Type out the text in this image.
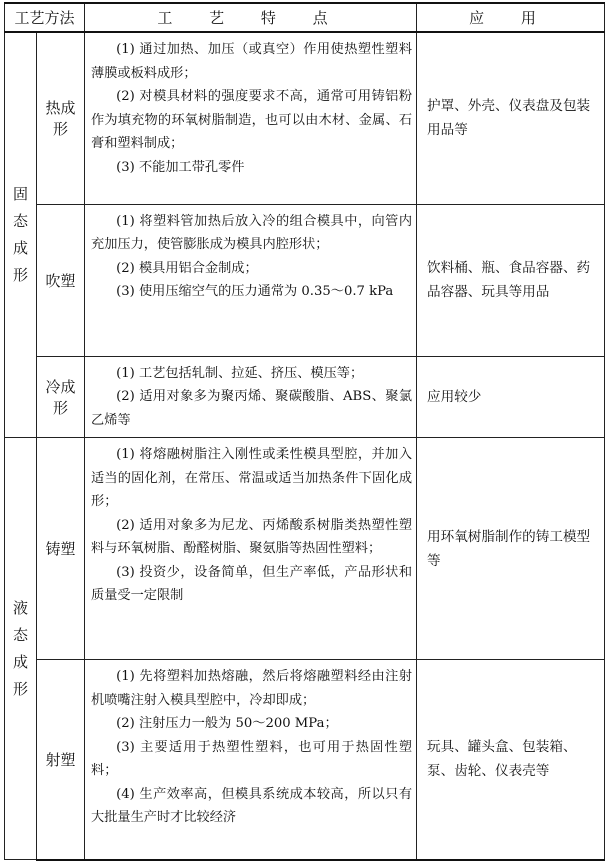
工艺方法		工 艺 特 点	应 用

固态成形	热成形	(1) 通过加热、加压（或真空）作用使热塑性塑料薄膜或板料成形；

(2) 对模具材料的强度要求不高，通常可用铸铝粉作为填充物的环氧树脂制造，也可以由木材、金属、石膏和塑料制成；

(3) 不能加工带孔零件	护罩、外壳、仪表盘及包装用品等
	吹塑	(1) 将塑料管加热后放入冷的组合模具中，向管内充加压力，使管膨胀成为模具内腔形状；

(2) 模具用铝合金制成；

(3) 使用压缩空气的压力通常为 0.35～0.7 kPa	饮料桶、瓶、食品容器、药品容器、玩具等用品
	冷成形	(1) 工艺包括轧制、拉延、挤压、模压等；

(2) 适用对象多为聚丙烯、聚碳酸脂、ABS、聚氯乙烯等	应用较少

液态成形	铸塑	(1) 将熔融树脂注入刚性或柔性模具型腔，并加入适当的固化剂，在常压、常温或适当加热条件下固化成形；

(2) 适用对象多为尼龙、丙烯酸系树脂类热塑性塑料与环氧树脂、酚醛树脂、聚氨脂等热固性塑料；

(3) 投资少，设备简单，但生产率低，产品形状和质量受一定限制	用环氧树脂制作的铸工模型等
	射塑	(1) 先将塑料加热熔融，然后将熔融塑料经由注射机喷嘴注射入模具型腔中，冷却即成；

(2) 注射压力一般为 50～200 MPa；

(3) 主要适用于热塑性塑料，也可用于热固性塑料；

(4) 生产效率高，但模具系统成本较高，所以只有大批量生产时才比较经济	玩具、罐头盒、包装箱、泵、齿轮、仪表壳等
